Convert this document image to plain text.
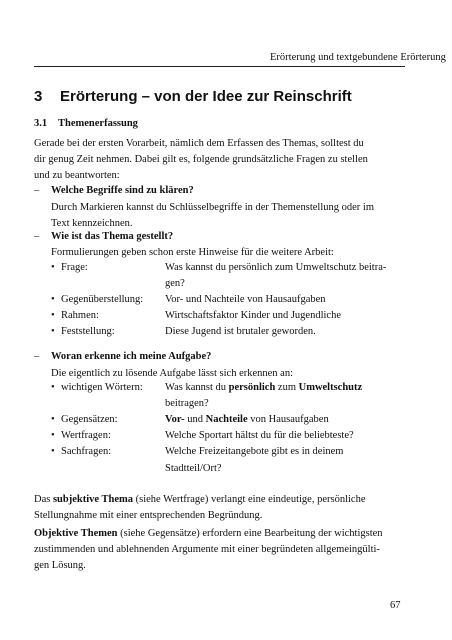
Erörterung und textgebundene Erörterung
3 Erörterung – von der Idee zur Reinschrift
3.1 Themenerfassung
Gerade bei der ersten Vorarbeit, nämlich dem Erfassen des Themas, solltest du
dir genug Zeit nehmen. Dabei gilt es, folgende grundsätzliche Fragen zu stellen
und zu beantworten:
– Welche Begriffe sind zu klären?
Durch Markieren kannst du Schlüsselbegriffe in der Themenstellung oder im
Text kennzeichnen.
– Wie ist das Thema gestellt?
Formulierungen geben schon erste Hinweise für die weitere Arbeit:
• Frage:	Was kannst du persönlich zum Umweltschutz beitra-
gen?
• Gegenüberstellung: Vor- und Nachteile von Hausaufgaben
• Rahmen:	Wirtschaftsfaktor Kinder und Jugendliche
• Feststellung:	Diese Jugend ist brutaler geworden.
– Woran erkenne ich meine Aufgabe?
Die eigentlich zu lösende Aufgabe lässt sich erkennen an:
• wichtigen Wörtern: Was kannst du persönlich zum Umweltschutz
beitragen?
• Gegensätzen:	Vor- und Nachteile von Hausaufgaben
• Wertfragen:	Welche Sportart hältst du für die beliebteste?
• Sachfragen:	Welche Freizeitangebote gibt es in deinem
Stadtteil/Ort?
Das subjektive Thema (siehe Wertfrage) verlangt eine eindeutige, persönliche
Stellungnahme mit einer entsprechenden Begründung.
Objektive Themen (siehe Gegensätze) erfordern eine Bearbeitung der wichtigsten
zustimmenden und ablehnenden Argumente mit einer begründeten allgemeingülti-
gen Lösung.
67
